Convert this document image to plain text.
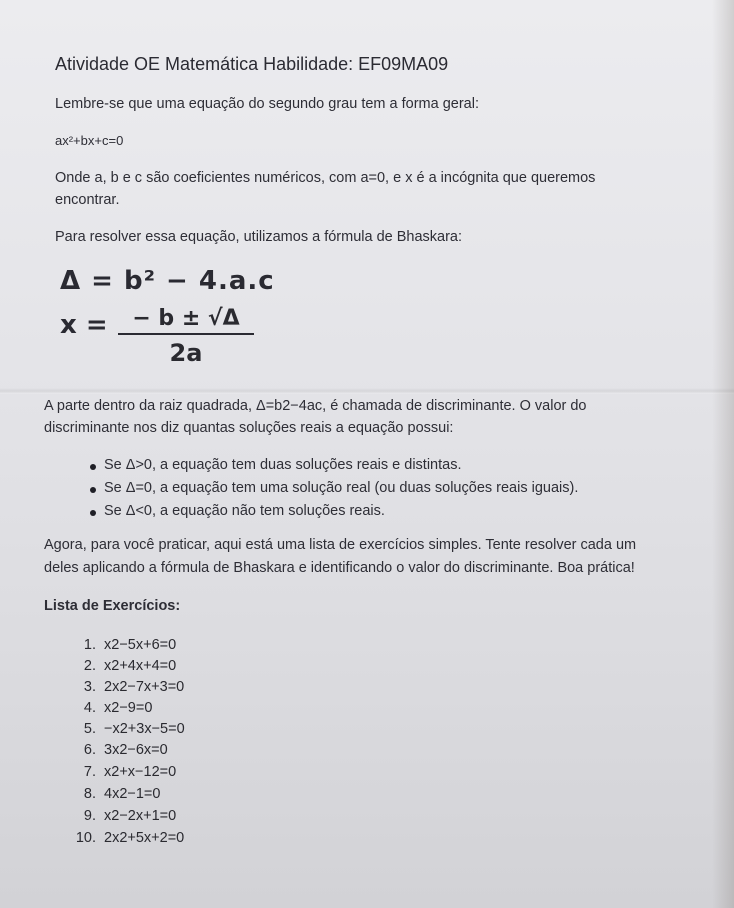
Atividade OE Matemática Habilidade: EF09MA09
Lembre-se que uma equação do segundo grau tem a forma geral:
ax²+bx+c=0
Onde a, b e c são coeficientes numéricos, com a=0, e x é a incógnita que queremos
encontrar.
Para resolver essa equação, utilizamos a fórmula de Bhaskara:
Δ = b² − 4.a.c
x =	− b ± √Δ
2a
A parte dentro da raiz quadrada, Δ=b2−4ac, é chamada de discriminante. O valor do
discriminante nos diz quantas soluções reais a equação possui:
Se Δ>0, a equação tem duas soluções reais e distintas.
Se Δ=0, a equação tem uma solução real (ou duas soluções reais iguais).
Se Δ<0, a equação não tem soluções reais.
Agora, para você praticar, aqui está uma lista de exercícios simples. Tente resolver cada um
deles aplicando a fórmula de Bhaskara e identificando o valor do discriminante. Boa prática!
Lista de Exercícios:
1. x2−5x+6=0
2. x2+4x+4=0
3. 2x2−7x+3=0
4. x2−9=0
5. −x2+3x−5=0
6. 3x2−6x=0
7. x2+x−12=0
8. 4x2−1=0
9. x2−2x+1=0
10. 2x2+5x+2=0
